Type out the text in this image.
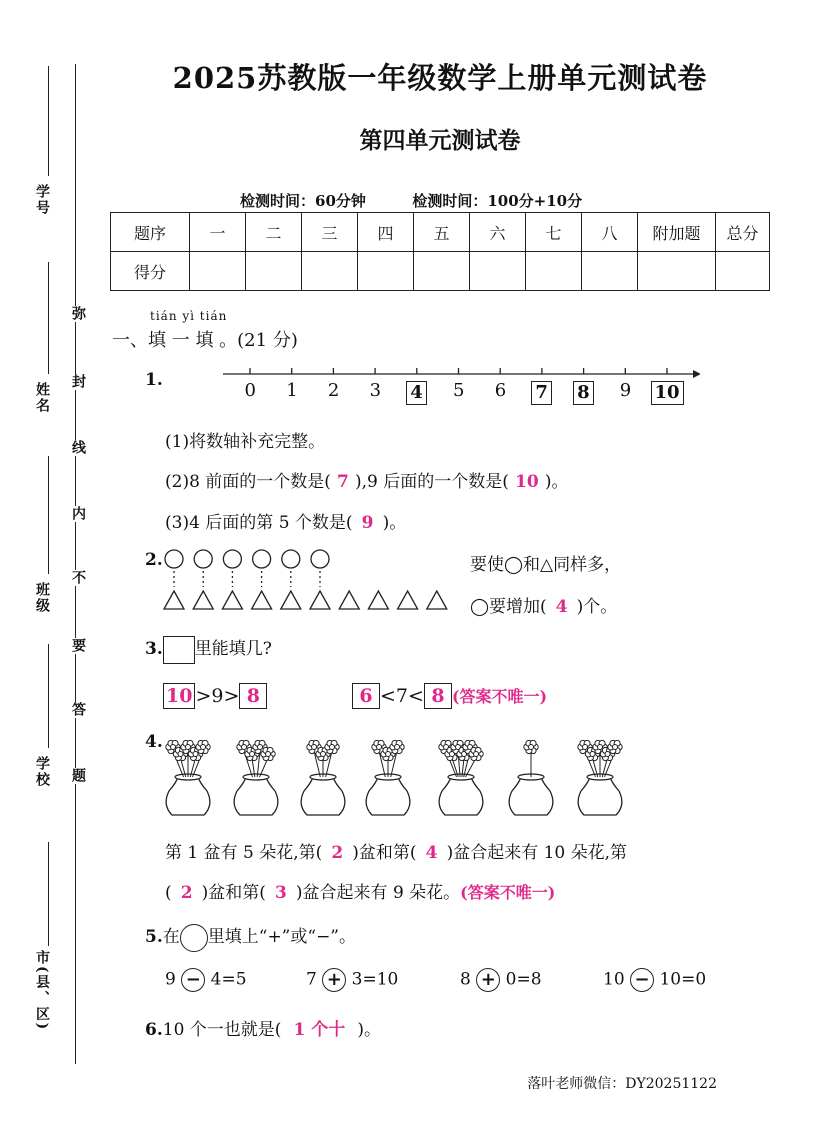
学号
姓名
班级
学校
市(县、区)
弥
封
线
内
不
要
答
题
2025苏教版一年级数学上册单元测试卷
第四单元测试卷
检测时间：60分钟	检测时间：100分+10分
题序	一	二	三	四	五	六	七	八	附加题	总分
得分										
tián yì tián
一、填 一 填 。(21 分)
1.
(1)将数轴补充完整。
(2)8 前面的一个数是( 7 ),9 后面的一个数是( 10 )。
(3)4 后面的第 5 个数是( 9 )。
2.	要使◯和△同样多，
◯要增加( 4 )个。
3. 里能填几?
10 >9> 8	6 <7< 8 (答案不唯一)
4.
第 1 盆有 5 朵花,第( 2 )盆和第( 4 )盆合起来有 10 朵花,第
( 2 )盆和第( 3 )盆合起来有 9 朵花。(答案不唯一)
5.在 里填上“+”或“−”。
9 − 4=5	7 + 3=10	8 + 0=8	10 − 10=0
6.10 个一也就是( 1 个十 )。
落叶老师微信：DY20251122
0 1 2 3 4 5 6 7 8 9 10
